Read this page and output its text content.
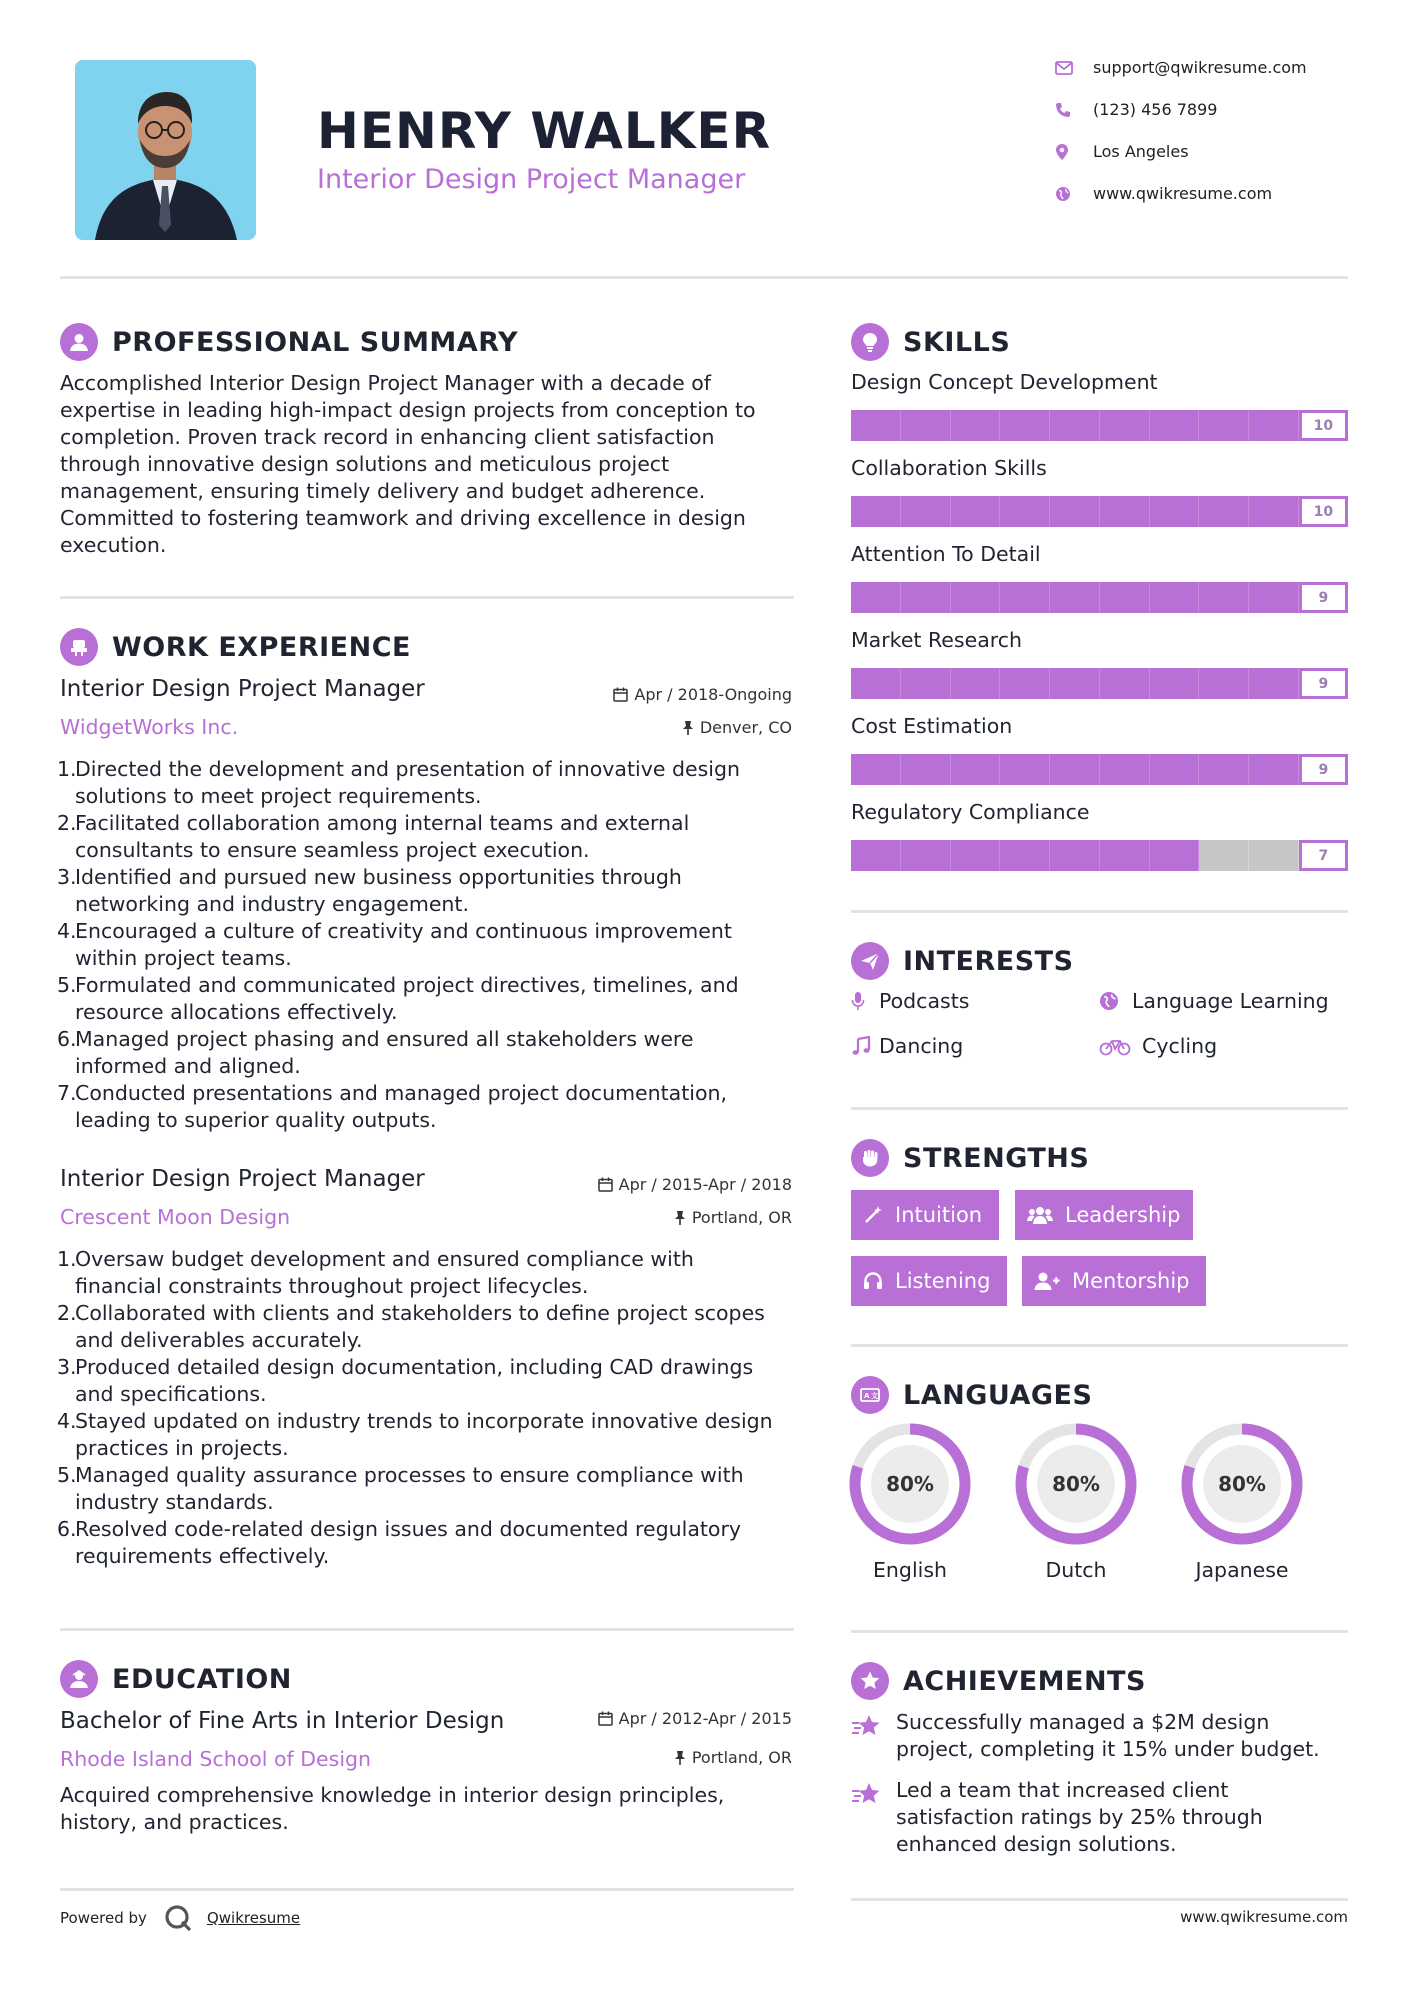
HENRY WALKER
Interior Design Project Manager
support@qwikresume.com
(123) 456 7899
Los Angeles
www.qwikresume.com
PROFESSIONAL SUMMARY
Accomplished Interior Design Project Manager with a decade of
expertise in leading high-impact design projects from conception to
completion. Proven track record in enhancing client satisfaction
through innovative design solutions and meticulous project
management, ensuring timely delivery and budget adherence.
Committed to fostering teamwork and driving excellence in design
execution.
WORK EXPERIENCE
Interior Design Project Manager
WidgetWorks Inc.
Apr / 2018-Ongoing
Denver, CO
1.
Directed the development and presentation of innovative design
solutions to meet project requirements.
2.
Facilitated collaboration among internal teams and external
consultants to ensure seamless project execution.
3.
Identified and pursued new business opportunities through
networking and industry engagement.
4.
Encouraged a culture of creativity and continuous improvement
within project teams.
5.
Formulated and communicated project directives, timelines, and
resource allocations effectively.
6.
Managed project phasing and ensured all stakeholders were
informed and aligned.
7.
Conducted presentations and managed project documentation,
leading to superior quality outputs.
Interior Design Project Manager
Crescent Moon Design
Apr / 2015-Apr / 2018
Portland, OR
1.
Oversaw budget development and ensured compliance with
financial constraints throughout project lifecycles.
2.
Collaborated with clients and stakeholders to define project scopes
and deliverables accurately.
3.
Produced detailed design documentation, including CAD drawings
and specifications.
4.
Stayed updated on industry trends to incorporate innovative design
practices in projects.
5.
Managed quality assurance processes to ensure compliance with
industry standards.
6.
Resolved code-related design issues and documented regulatory
requirements effectively.
EDUCATION
Bachelor of Fine Arts in Interior Design
Rhode Island School of Design
Apr / 2012-Apr / 2015
Portland, OR
Acquired comprehensive knowledge in interior design principles,
history, and practices.
Powered by	Qwikresume
SKILLS
Design Concept Development
10
Collaboration Skills
10
Attention To Detail
9
Market Research
9
Cost Estimation
9
Regulatory Compliance
7
INTERESTS
Podcasts	Language Learning
Dancing	Cycling
STRENGTHS
Intuition	Leadership
Listening	Mentorship
A 文 LANGUAGES
80%
English
80%
Dutch
80%
Japanese
ACHIEVEMENTS
Successfully managed a $2M design
project, completing it 15% under budget.
Led a team that increased client
satisfaction ratings by 25% through
enhanced design solutions.
www.qwikresume.com
